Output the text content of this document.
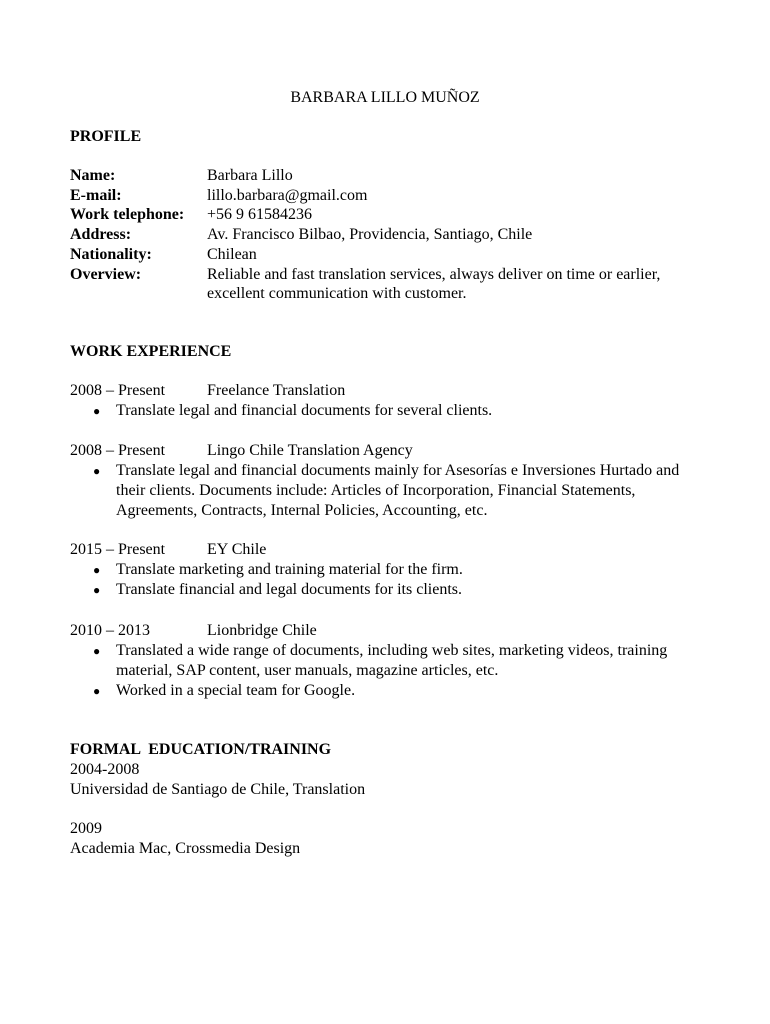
BARBARA LILLO MUÑOZ
PROFILE
Name:	Barbara Lillo
E-mail:	lillo.barbara@gmail.com
Work telephone:	+56 9 61584236
Address:	Av. Francisco Bilbao, Providencia, Santiago, Chile
Nationality:	Chilean
Overview:	Reliable and fast translation services, always deliver on time or earlier, excellent communication with customer.
WORK EXPERIENCE
2008 – Present	Freelance Translation
● Translate legal and financial documents for several clients.
2008 – Present	Lingo Chile Translation Agency
● Translate legal and financial documents mainly for Asesorías e Inversiones Hurtado and their clients. Documents include: Articles of Incorporation, Financial Statements, Agreements, Contracts, Internal Policies, Accounting, etc.
2015 – Present	EY Chile
● Translate marketing and training material for the firm.
● Translate financial and legal documents for its clients.
2010 – 2013	Lionbridge Chile
● Translated a wide range of documents, including web sites, marketing videos, training material, SAP content, user manuals, magazine articles, etc.
● Worked in a special team for Google.
FORMAL  EDUCATION/TRAINING
2004-2008
Universidad de Santiago de Chile, Translation
2009
Academia Mac, Crossmedia Design
